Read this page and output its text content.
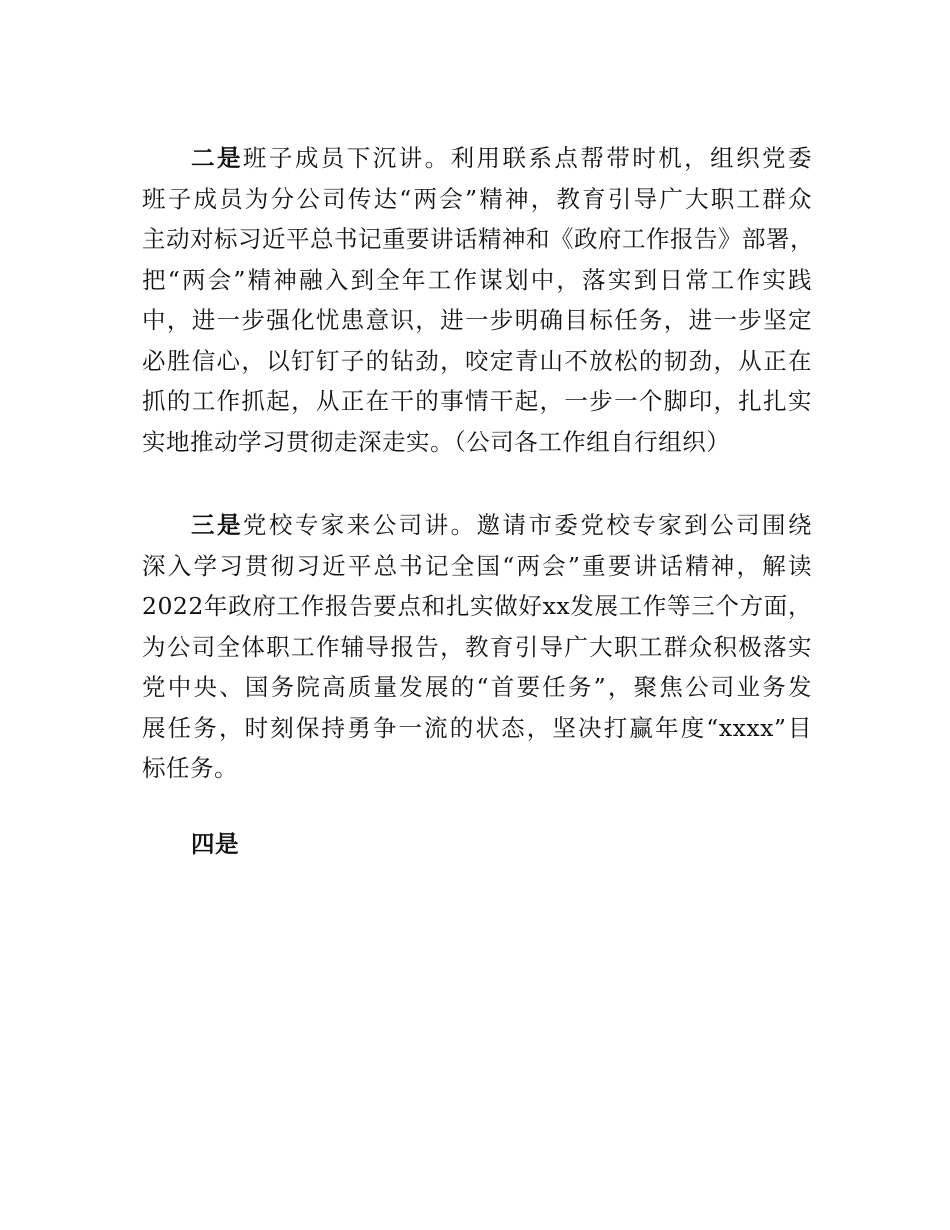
二是班子成员下沉讲。利用联系点帮带时机，组织党委
班子成员为分公司传达“两会”精神，教育引导广大职工群众
主动对标习近平总书记重要讲话精神和《政府工作报告》部署，
把“两会”精神融入到全年工作谋划中，落实到日常工作实践
中，进一步强化忧患意识，进一步明确目标任务，进一步坚定
必胜信心，以钉钉子的钻劲，咬定青山不放松的韧劲，从正在
抓的工作抓起，从正在干的事情干起，一步一个脚印，扎扎实
实地推动学习贯彻走深走实。（公司各工作组自行组织）
三是党校专家来公司讲。邀请市委党校专家到公司围绕
深入学习贯彻习近平总书记全国“两会”重要讲话精神，解读
2022年政府工作报告要点和扎实做好xx发展工作等三个方面，
为公司全体职工作辅导报告，教育引导广大职工群众积极落实
党中央、国务院高质量发展的“首要任务”，聚焦公司业务发
展任务，时刻保持勇争一流的状态，坚决打赢年度“xxxx”目
标任务。
四是
